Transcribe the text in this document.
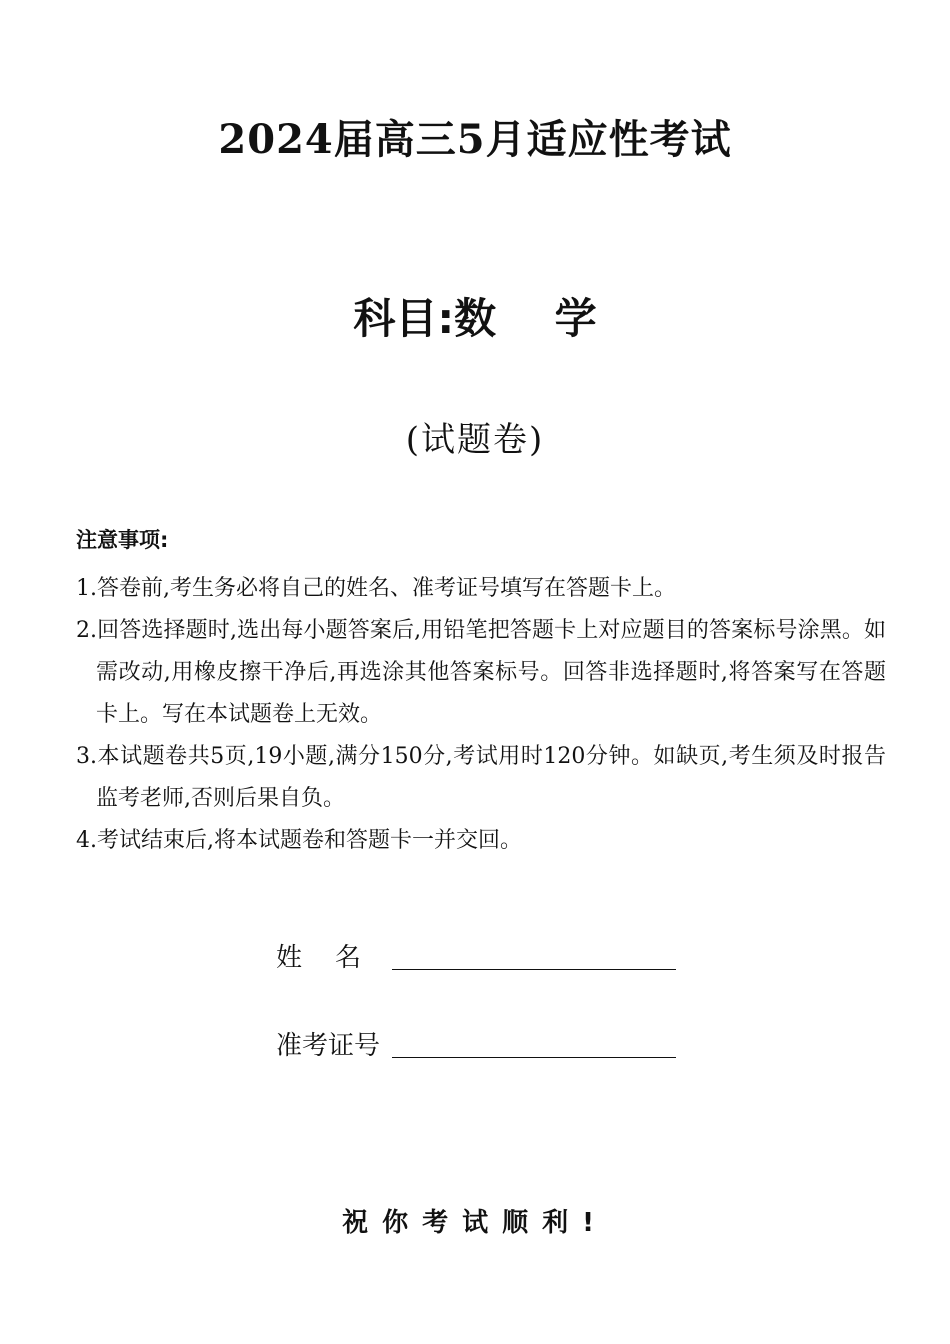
2024届高三5月适应性考试
科目:数    学
(试题卷)
注意事项:
1.答卷前,考生务必将自己的姓名、准考证号填写在答题卡上。
2.回答选择题时,选出每小题答案后,用铅笔把答题卡上对应题目的答案标号涂黑。如需改动,用橡皮擦干净后,再选涂其他答案标号。回答非选择题时,将答案写在答题卡上。写在本试题卷上无效。
3.本试题卷共5页,19小题,满分150分,考试用时120分钟。如缺页,考生须及时报告监考老师,否则后果自负。
4.考试结束后,将本试题卷和答题卡一并交回。
姓    名
准考证号
祝你考试顺利!
